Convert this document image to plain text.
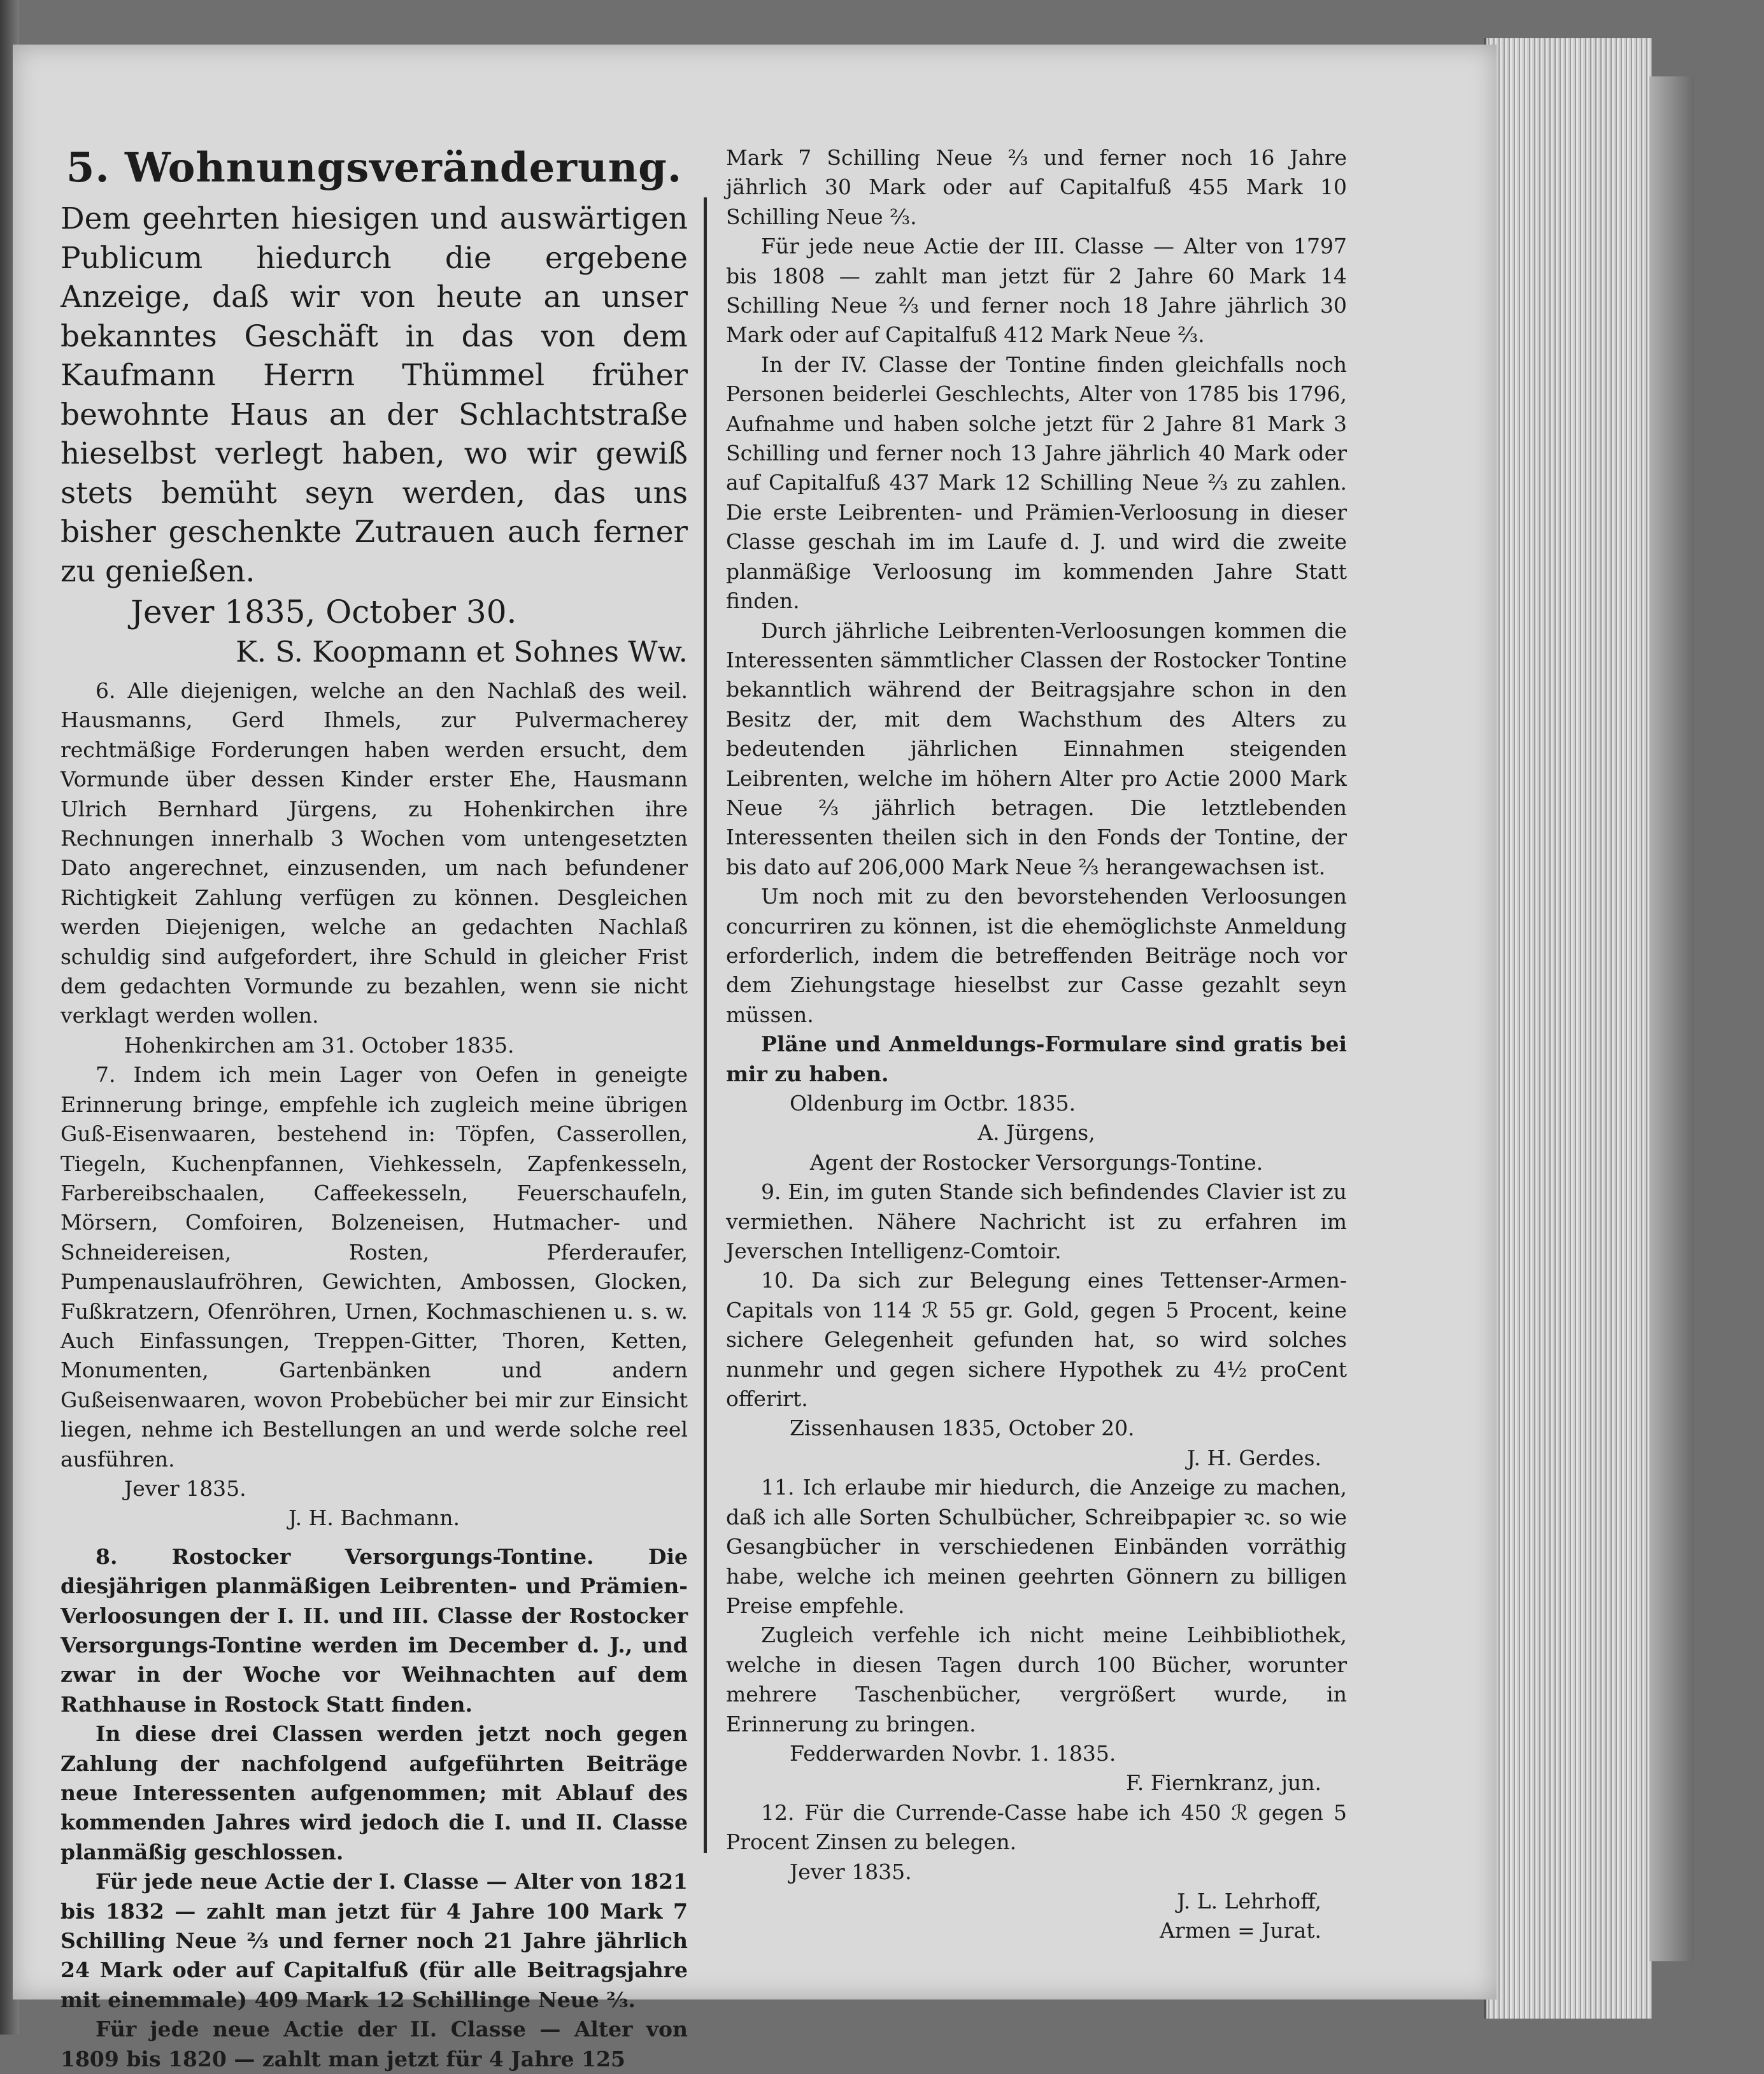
5. Wohnungsveränderung.

Dem geehrten hiesigen und auswärtigen Publicum hiedurch die ergebene Anzeige, daß wir von heute an unser bekanntes Geschäft in das von dem Kaufmann Herrn Thümmel früher bewohnte Haus an der Schlachtstraße hieselbst verlegt haben, wo wir gewiß stets bemüht seyn werden, das uns bisher geschenkte Zutrauen auch ferner zu genießen.

Jever 1835, October 30.

K. S. Koopmann et Sohnes Ww.

6. Alle diejenigen, welche an den Nachlaß des weil. Hausmanns, Gerd Ihmels, zur Pulvermacherey rechtmäßige Forderungen haben werden ersucht, dem Vormunde über dessen Kinder erster Ehe, Hausmann Ulrich Bernhard Jürgens, zu Hohenkirchen ihre Rechnungen innerhalb 3 Wochen vom untengesetzten Dato angerechnet, einzusenden, um nach befundener Richtigkeit Zahlung verfügen zu können. Desgleichen werden Diejenigen, welche an gedachten Nachlaß schuldig sind aufgefordert, ihre Schuld in gleicher Frist dem gedachten Vormunde zu bezahlen, wenn sie nicht verklagt werden wollen.

Hohenkirchen am 31. October 1835.

7. Indem ich mein Lager von Oefen in geneigte Erinnerung bringe, empfehle ich zugleich meine übrigen Guß-Eisenwaaren, bestehend in: Töpfen, Casserollen, Tiegeln, Kuchenpfannen, Viehkesseln, Zapfenkesseln, Farbereibschaalen, Caffeekesseln, Feuerschaufeln, Mörsern, Comfoiren, Bolzeneisen, Hutmacher- und Schneidereisen, Rosten, Pferderaufer, Pumpenauslaufröhren, Gewichten, Ambossen, Glocken, Fußkratzern, Ofenröhren, Urnen, Kochmaschienen u. s. w. Auch Einfassungen, Treppen-Gitter, Thoren, Ketten, Monumenten, Gartenbänken und andern Gußeisenwaaren, wovon Probebücher bei mir zur Einsicht liegen, nehme ich Bestellungen an und werde solche reel ausführen.

Jever 1835.

J. H. Bachmann.

8. Rostocker Versorgungs-Tontine. Die diesjährigen planmäßigen Leibrenten- und Prämien-Verloosungen der I. II. und III. Classe der Rostocker Versorgungs-Tontine werden im December d. J., und zwar in der Woche vor Weihnachten auf dem Rathhause in Rostock Statt finden.

In diese drei Classen werden jetzt noch gegen Zahlung der nachfolgend aufgeführten Beiträge neue Interessenten aufgenommen; mit Ablauf des kommenden Jahres wird jedoch die I. und II. Classe planmäßig geschlossen.

Für jede neue Actie der I. Classe — Alter von 1821 bis 1832 — zahlt man jetzt für 4 Jahre 100 Mark 7 Schilling Neue ⅔ und ferner noch 21 Jahre jährlich 24 Mark oder auf Capitalfuß (für alle Beitragsjahre mit einemmale) 409 Mark 12 Schillinge Neue ⅔.

Für jede neue Actie der II. Classe — Alter von 1809 bis 1820 — zahlt man jetzt für 4 Jahre 125

Mark 7 Schilling Neue ⅔ und ferner noch 16 Jahre jährlich 30 Mark oder auf Capitalfuß 455 Mark 10 Schilling Neue ⅔.

Für jede neue Actie der III. Classe — Alter von 1797 bis 1808 — zahlt man jetzt für 2 Jahre 60 Mark 14 Schilling Neue ⅔ und ferner noch 18 Jahre jährlich 30 Mark oder auf Capitalfuß 412 Mark Neue ⅔.

In der IV. Classe der Tontine finden gleichfalls noch Personen beiderlei Geschlechts, Alter von 1785 bis 1796, Aufnahme und haben solche jetzt für 2 Jahre 81 Mark 3 Schilling und ferner noch 13 Jahre jährlich 40 Mark oder auf Capitalfuß 437 Mark 12 Schilling Neue ⅔ zu zahlen. Die erste Leibrenten- und Prämien-Verloosung in dieser Classe geschah im im Laufe d. J. und wird die zweite planmäßige Verloosung im kommenden Jahre Statt finden.

Durch jährliche Leibrenten-Verloosungen kommen die Interessenten sämmtlicher Classen der Rostocker Tontine bekanntlich während der Beitragsjahre schon in den Besitz der, mit dem Wachsthum des Alters zu bedeutenden jährlichen Einnahmen steigenden Leibrenten, welche im höhern Alter pro Actie 2000 Mark Neue ⅔ jährlich betragen. Die letztlebenden Interessenten theilen sich in den Fonds der Tontine, der bis dato auf 206,000 Mark Neue ⅔ herangewachsen ist.

Um noch mit zu den bevorstehenden Verloosungen concurriren zu können, ist die ehemöglichste Anmeldung erforderlich, indem die betreffenden Beiträge noch vor dem Ziehungstage hieselbst zur Casse gezahlt seyn müssen.

Pläne und Anmeldungs-Formulare sind gratis bei mir zu haben.

Oldenburg im Octbr. 1835.

A. Jürgens,

Agent der Rostocker Versorgungs-Tontine.

9. Ein, im guten Stande sich befindendes Clavier ist zu vermiethen. Nähere Nachricht ist zu erfahren im Jeverschen Intelligenz-Comtoir.

10. Da sich zur Belegung eines Tettenser-Armen-Capitals von 114 ℛ 55 gr. Gold, gegen 5 Procent, keine sichere Gelegenheit gefunden hat, so wird solches nunmehr und gegen sichere Hypothek zu 4½ proCent offerirt.

Zissenhausen 1835, October 20.

J. H. Gerdes.

11. Ich erlaube mir hiedurch, die Anzeige zu machen, daß ich alle Sorten Schulbücher, Schreibpapier ꝛc. so wie Gesangbücher in verschiedenen Einbänden vorräthig habe, welche ich meinen geehrten Gönnern zu billigen Preise empfehle.

Zugleich verfehle ich nicht meine Leihbibliothek, welche in diesen Tagen durch 100 Bücher, worunter mehrere Taschenbücher, vergrößert wurde, in Erinnerung zu bringen.

Fedderwarden Novbr. 1. 1835.

F. Fiernkranz, jun.

12. Für die Currende-Casse habe ich 450 ℛ gegen 5 Procent Zinsen zu belegen.

Jever 1835.

J. L. Lehrhoff,

Armen = Jurat.
